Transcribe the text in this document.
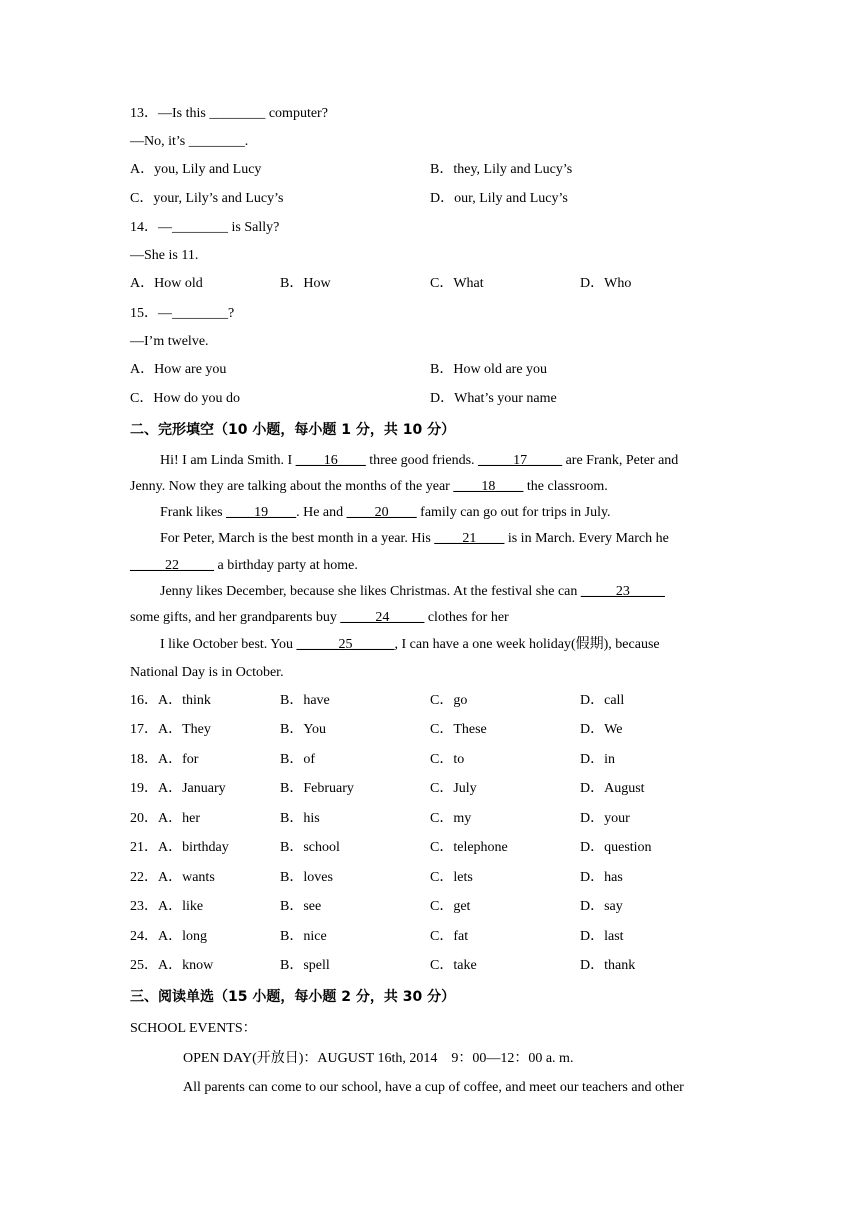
13．—Is this ________ computer?
—No, it’s ________.
A．you, Lily and Lucy	B．they, Lily and Lucy’s
C．your, Lily’s and Lucy’s	D．our, Lily and Lucy’s
14．—________ is Sally?
—She is 11.
A．How old	B．How	C．What	D．Who
15．—________?
—I’m twelve.
A．How are you	B．How old are you
C．How do you do	D．What’s your name
二、完形填空（10 小题，每小题 1 分，共 10 分）
Hi! I am Linda Smith. I ____16____ three good friends. _____17_____ are Frank, Peter and
Jenny. Now they are talking about the months of the year ____18____ the classroom.
Frank likes ____19____. He and ____20____ family can go out for trips in July.
For Peter, March is the best month in a year. His ____21____ is in March. Every March he
_____22_____ a birthday party at home.
Jenny likes December, because she likes Christmas. At the festival she can _____23_____
some gifts, and her grandparents buy _____24_____ clothes for her
I like October best. You ______25______, I can have a one week holiday(假期), because
National Day is in October.
16．A．think	B．have	C．go	D．call
17．A．They	B．You	C．These	D．We
18．A．for	B．of	C．to	D．in
19．A．January	B．February	C．July	D．August
20．A．her	B．his	C．my	D．your
21．A．birthday	B．school	C．telephone	D．question
22．A．wants	B．loves	C．lets	D．has
23．A．like	B．see	C．get	D．say
24．A．long	B．nice	C．fat	D．last
25．A．know	B．spell	C．take	D．thank
三、阅读单选（15 小题，每小题 2 分，共 30 分）
SCHOOL EVENTS：
OPEN DAY(开放日)：AUGUST 16th, 2014　9：00—12：00 a. m.
All parents can come to our school, have a cup of coffee, and meet our teachers and other
